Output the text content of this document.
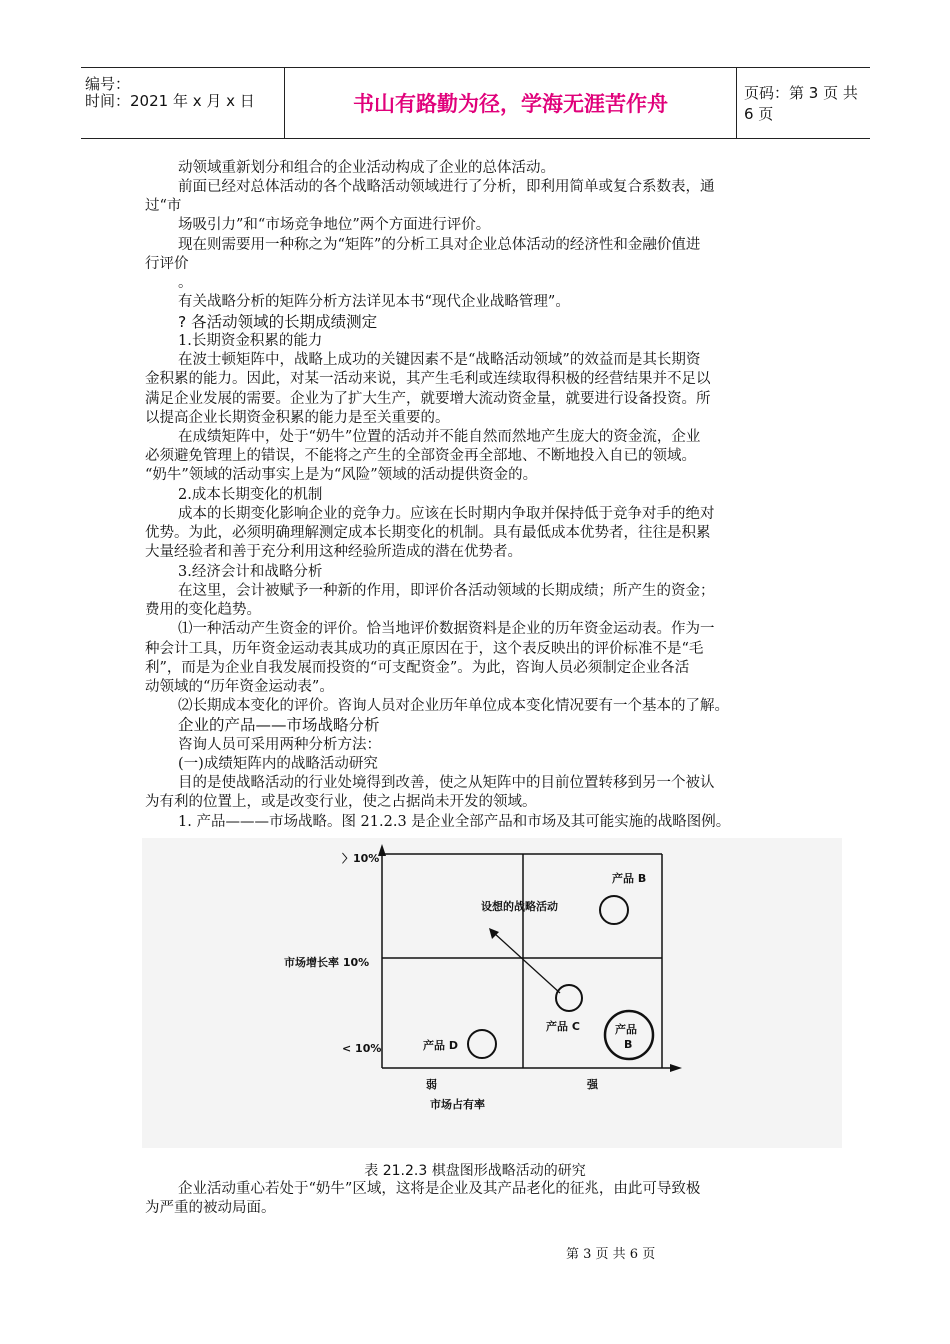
编号：
时间：2021 年 x 月 x 日	书山有路勤为径，学海无涯苦作舟	页码：第 3 页 共 6 页
动领域重新划分和组合的企业活动构成了企业的总体活动。
前面已经对总体活动的各个战略活动领域进行了分析，即利用简单或复合系数表，通
过“市
场吸引力”和“市场竞争地位”两个方面进行评价。
现在则需要用一种称之为“矩阵”的分析工具对企业总体活动的经济性和金融价值进
行评价
。
有关战略分析的矩阵分析方法详见本书“现代企业战略管理”。
? 各活动领域的长期成绩测定
1.长期资金积累的能力
在波士顿矩阵中，战略上成功的关键因素不是“战略活动领域”的效益而是其长期资
金积累的能力。因此，对某一活动来说，其产生毛利或连续取得积极的经营结果并不足以
满足企业发展的需要。企业为了扩大生产，就要增大流动资金量，就要进行设备投资。所
以提高企业长期资金积累的能力是至关重要的。
在成绩矩阵中，处于“奶牛”位置的活动并不能自然而然地产生庞大的资金流，企业
必须避免管理上的错误，不能将之产生的全部资金再全部地、不断地投入自已的领域。
“奶牛”领域的活动事实上是为“风险”领域的活动提供资金的。
2.成本长期变化的机制
成本的长期变化影响企业的竞争力。应该在长时期内争取并保持低于竞争对手的绝对
优势。为此，必须明确理解测定成本长期变化的机制。具有最低成本优势者，往往是积累
大量经验者和善于充分利用这种经验所造成的潜在优势者。
3.经济会计和战略分析
在这里，会计被赋予一种新的作用，即评价各活动领域的长期成绩；所产生的资金；
费用的变化趋势。
⑴一种活动产生资金的评价。恰当地评价数据资料是企业的历年资金运动表。作为一
种会计工具，历年资金运动表其成功的真正原因在于，这个表反映出的评价标准不是“毛
利”，而是为企业自我发展而投资的“可支配资金”。为此，咨询人员必须制定企业各活
动领域的“历年资金运动表”。
⑵长期成本变化的评价。咨询人员对企业历年单位成本变化情况要有一个基本的了解。
企业的产品——市场战略分析
咨询人员可采用两种分析方法：
(一)成绩矩阵内的战略活动研究
目的是使战略活动的行业处境得到改善，使之从矩阵中的目前位置转移到另一个被认
为有利的位置上，或是改变行业，使之占据尚未开发的领域。
1. 产品———市场战略。图 21.2.3 是企业全部产品和市场及其可能实施的战略图例。
〉10%
市场增长率 10%
< 10%
弱	强
市场占有率
设想的战略活动
产品 B
产品 C
产品 D
产品
B
表 21.2.3 棋盘图形战略活动的研究
企业活动重心若处于“奶牛”区域，这将是企业及其产品老化的征兆，由此可导致极
为严重的被动局面。
第 3 页 共 6 页
